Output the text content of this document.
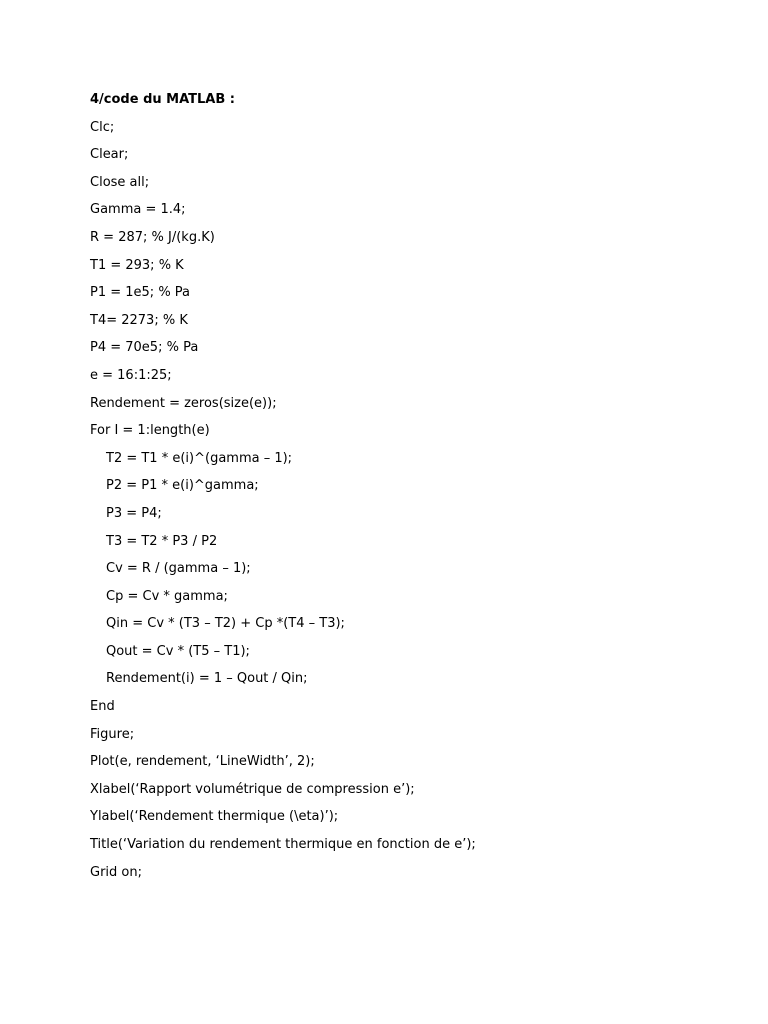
4/code du MATLAB :
Clc;
Clear;
Close all;
Gamma = 1.4;
R = 287; % J/(kg.K)
T1 = 293; % K
P1 = 1e5; % Pa
T4= 2273; % K
P4 = 70e5; % Pa
e = 16:1:25;
Rendement = zeros(size(e));
For I = 1:length(e)
T2 = T1 * e(i)^(gamma – 1);
P2 = P1 * e(i)^gamma;
P3 = P4;
T3 = T2 * P3 / P2
Cv = R / (gamma – 1);
Cp = Cv * gamma;
Qin = Cv * (T3 – T2) + Cp *(T4 – T3);
Qout = Cv * (T5 – T1);
Rendement(i) = 1 – Qout / Qin;
End
Figure;
Plot(e, rendement, ‘LineWidth’, 2);
Xlabel(‘Rapport volumétrique de compression e’);
Ylabel(‘Rendement thermique (\eta)’);
Title(‘Variation du rendement thermique en fonction de e’);
Grid on;
